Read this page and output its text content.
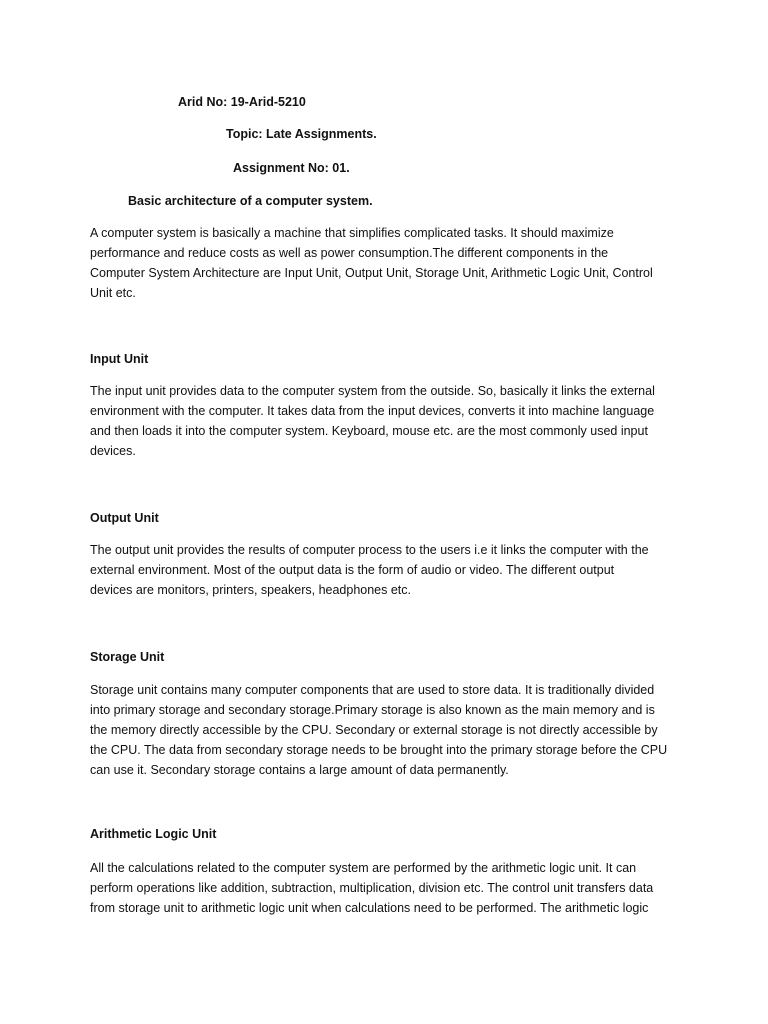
Arid No: 19-Arid-5210

Topic: Late Assignments.

Assignment No: 01.

Basic architecture of a computer system.

A computer system is basically a machine that simplifies complicated tasks. It should maximize
performance and reduce costs as well as power consumption.The different components in the
Computer System Architecture are Input Unit, Output Unit, Storage Unit, Arithmetic Logic Unit, Control
Unit etc.

Input Unit

The input unit provides data to the computer system from the outside. So, basically it links the external
environment with the computer. It takes data from the input devices, converts it into machine language
and then loads it into the computer system. Keyboard, mouse etc. are the most commonly used input
devices.

Output Unit

The output unit provides the results of computer process to the users i.e it links the computer with the
external environment. Most of the output data is the form of audio or video. The different output
devices are monitors, printers, speakers, headphones etc.

Storage Unit

Storage unit contains many computer components that are used to store data. It is traditionally divided
into primary storage and secondary storage.Primary storage is also known as the main memory and is
the memory directly accessible by the CPU. Secondary or external storage is not directly accessible by
the CPU. The data from secondary storage needs to be brought into the primary storage before the CPU
can use it. Secondary storage contains a large amount of data permanently.

Arithmetic Logic Unit

All the calculations related to the computer system are performed by the arithmetic logic unit. It can
perform operations like addition, subtraction, multiplication, division etc. The control unit transfers data
from storage unit to arithmetic logic unit when calculations need to be performed. The arithmetic logic
